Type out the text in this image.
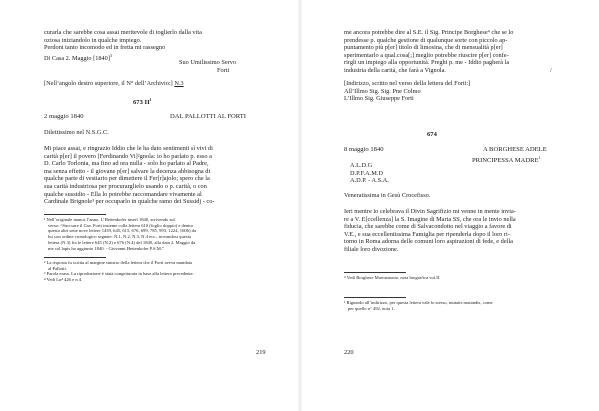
curarla che sarebbe cosa assai meritevole di toglierlo dalla vita
oziosa iniziandolo in qualche impiego.
Perdoni tanto incomodo ed in fretta mi rassegno
Di Casa 2. Maggio $[1840]^3$
Suo Umilissimo Servo
Forti
[Nell’angolo destro superiore, il N° dell’Archivio:] N.3
673 $II^1$
2 maggio 1840	DAL PALLOTTI AL FORTI
Dilettissimo nel N.S.G.C.
Mi piace assai, e ringrazio Iddio che le ha dato sentimenti sì vivi di
carità p[er] il povero [Ferdinando Vi]²gnola: io ho parlato p. esso a
D. Carlo Torlonia, ma fino ad ora nulla - solo ho parlato al Padre,
ma senza effetto - il giovane p[er] salvare la decenza abbisogna di
qualche parte di vestiario per dimettere il Fer[r]ajolo; spero che la
sua carità industriosa per procurarglielo usando o p. carità, o con
qualche sussidio - Ella lo potrebbe raccomandare vivamente al
Cardinale Brignole³ per occuparlo in qualche ramo dei Sussidj - co-
¹ Nell’originale manca l’anno. L’Hettenkofer inserì 1840, scrivendo sul
verso: “Succurre il Cav. Forti insieme colla lettera 610 (foglio doppio) e dentro
questa altri sette nove lettere 1439, 645, 615, 676, 699, 785, 993, 1224, 1606) da
lui con ordine cronologico segnate: N.1, N.2, N.3, N.4 ecc., trovandosi questa
lettera (N.3) fra le lettere 645 (N.2) e 676 (N.4) del 1840, alla data 2. Maggio da
me col lapis ho aggiunto 1840. - Giovanni Hettenkofer P.S.M.”
² La risposta fu scritta al margine sinistro della lettera che il Forti aveva mandata
al Pallotti.
³ Parola erasa. La riproduzione è stata congetturata in base alla lettera precedente.
⁴ Vedi Lu⁴ 426 e n 4.
219
me ancora potrebbe dire al S.E. il Sig. Principe Borghese⁴ che se lo
prendesse p. qualche gestione di qualunque sorte con piccolo ap-
puntamento più p[er] titolo di limosina, che di mensualità p[er]
sperimentarlo a qual.cosa[;] meglio potrebbe riuscire p[er] confe-
rirgli un impiego alla opportunità. Preghi p. me - Iddio pagherà la
industria della carità, che farà a Vignola.	/
[Indirizzo, scritto nel verso della lettera del Forti:]
All’Illmo Sig. Sig. Pne Colmo
L’Illmo Sig. Giuseppe Forti
674
8 maggio 1840	A BORGHESE ADELE
PRINCIPESSA MADRE$^1$
A.L.D.G
D.P.F.A.M.D
A.D.P. - A.S.A.
Veneratissima in Gesù Crocefisso.
Ieri mentre io celebrava il Divin Sagrifizio mi venne in mente invia-
re a V. E[ccellenza] la S. Imagine di Maria SS, che ora le invio nella
fiducia, che sarebbe come di Salvacondotto nel viaggio a favore di
V.E., e sua eccellentissima Famiglia per ripenderla dopo il loro ri-
torno in Roma adorna delle comuni loro aspirazioni di fede, e della
filiale loro divozione.
⁴ Vedi Borghese Marcantonio, nota biografica vol.II.
¹ Riguardo all’indirizzo, per questa lettera vale lo stesso, mutatis mutandis, come
per quello n° 492, nota 1.
220
